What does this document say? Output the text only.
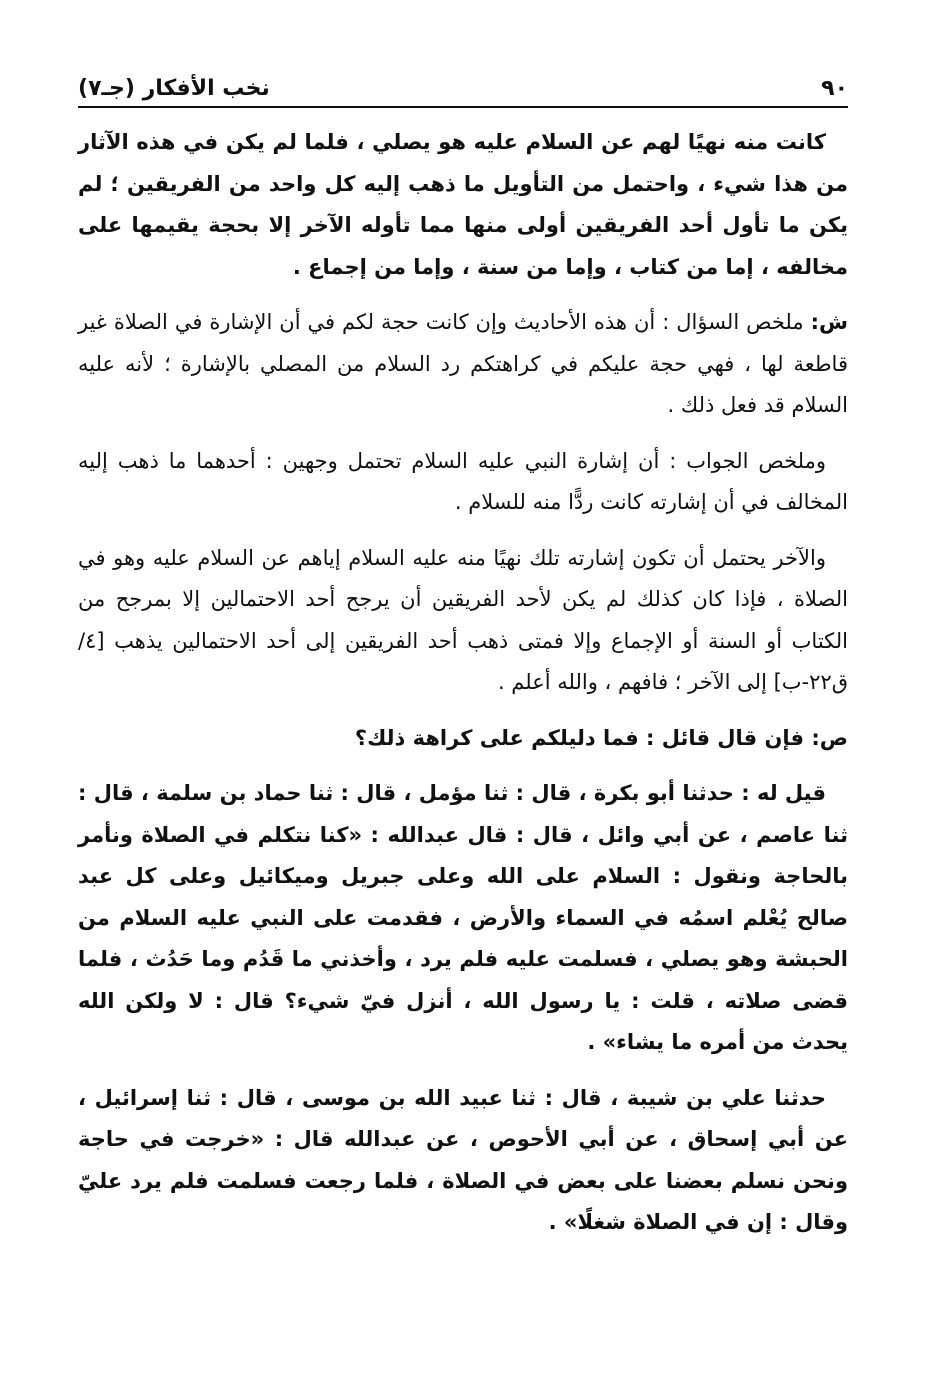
٩٠
نخب الأفكار (جـ٧)

كانت منه نهيًا لهم عن السلام عليه هو يصلي ، فلما لم يكن في هذه الآثار من هذا شيء ، واحتمل من التأويل ما ذهب إليه كل واحد من الفريقين ؛ لم يكن ما تأول أحد الفريقين أولى منها مما تأوله الآخر إلا بحجة يقيمها على مخالفه ، إما من كتاب ، وإما من سنة ، وإما من إجماع .

ش: ملخص السؤال : أن هذه الأحاديث وإن كانت حجة لكم في أن الإشارة في الصلاة غير قاطعة لها ، فهي حجة عليكم في كراهتكم رد السلام من المصلي بالإشارة ؛ لأنه عليه السلام قد فعل ذلك .

وملخص الجواب : أن إشارة النبي عليه السلام تحتمل وجهين : أحدهما ما ذهب إليه المخالف في أن إشارته كانت ردًّا منه للسلام .

والآخر يحتمل أن تكون إشارته تلك نهيًا منه عليه السلام إياهم عن السلام عليه وهو في الصلاة ، فإذا كان كذلك لم يكن لأحد الفريقين أن يرجح أحد الاحتمالين إلا بمرجح من الكتاب أو السنة أو الإجماع وإلا فمتى ذهب أحد الفريقين إلى أحد الاحتمالين يذهب [٤/ ق٢٢-ب] إلى الآخر ؛ فافهم ، والله أعلم .

ص: فإن قال قائل : فما دليلكم على كراهة ذلك؟

قيل له : حدثنا أبو بكرة ، قال : ثنا مؤمل ، قال : ثنا حماد بن سلمة ، قال : ثنا عاصم ، عن أبي وائل ، قال : قال عبدالله : «كنا نتكلم في الصلاة ونأمر بالحاجة ونقول : السلام على الله وعلى جبريل وميكائيل وعلى كل عبد صالح يُعْلم اسمُه في السماء والأرض ، فقدمت على النبي عليه السلام من الحبشة وهو يصلي ، فسلمت عليه فلم يرد ، وأخذني ما قَدُم وما حَدُث ، فلما قضى صلاته ، قلت : يا رسول الله ، أنزل فيّ شيء؟ قال : لا ولكن الله يحدث من أمره ما يشاء» .

حدثنا علي بن شيبة ، قال : ثنا عبيد الله بن موسى ، قال : ثنا إسرائيل ، عن أبي إسحاق ، عن أبي الأحوص ، عن عبدالله قال : «خرجت في حاجة ونحن نسلم بعضنا على بعض في الصلاة ، فلما رجعت فسلمت فلم يرد عليّ وقال : إن في الصلاة شغلًا» .
